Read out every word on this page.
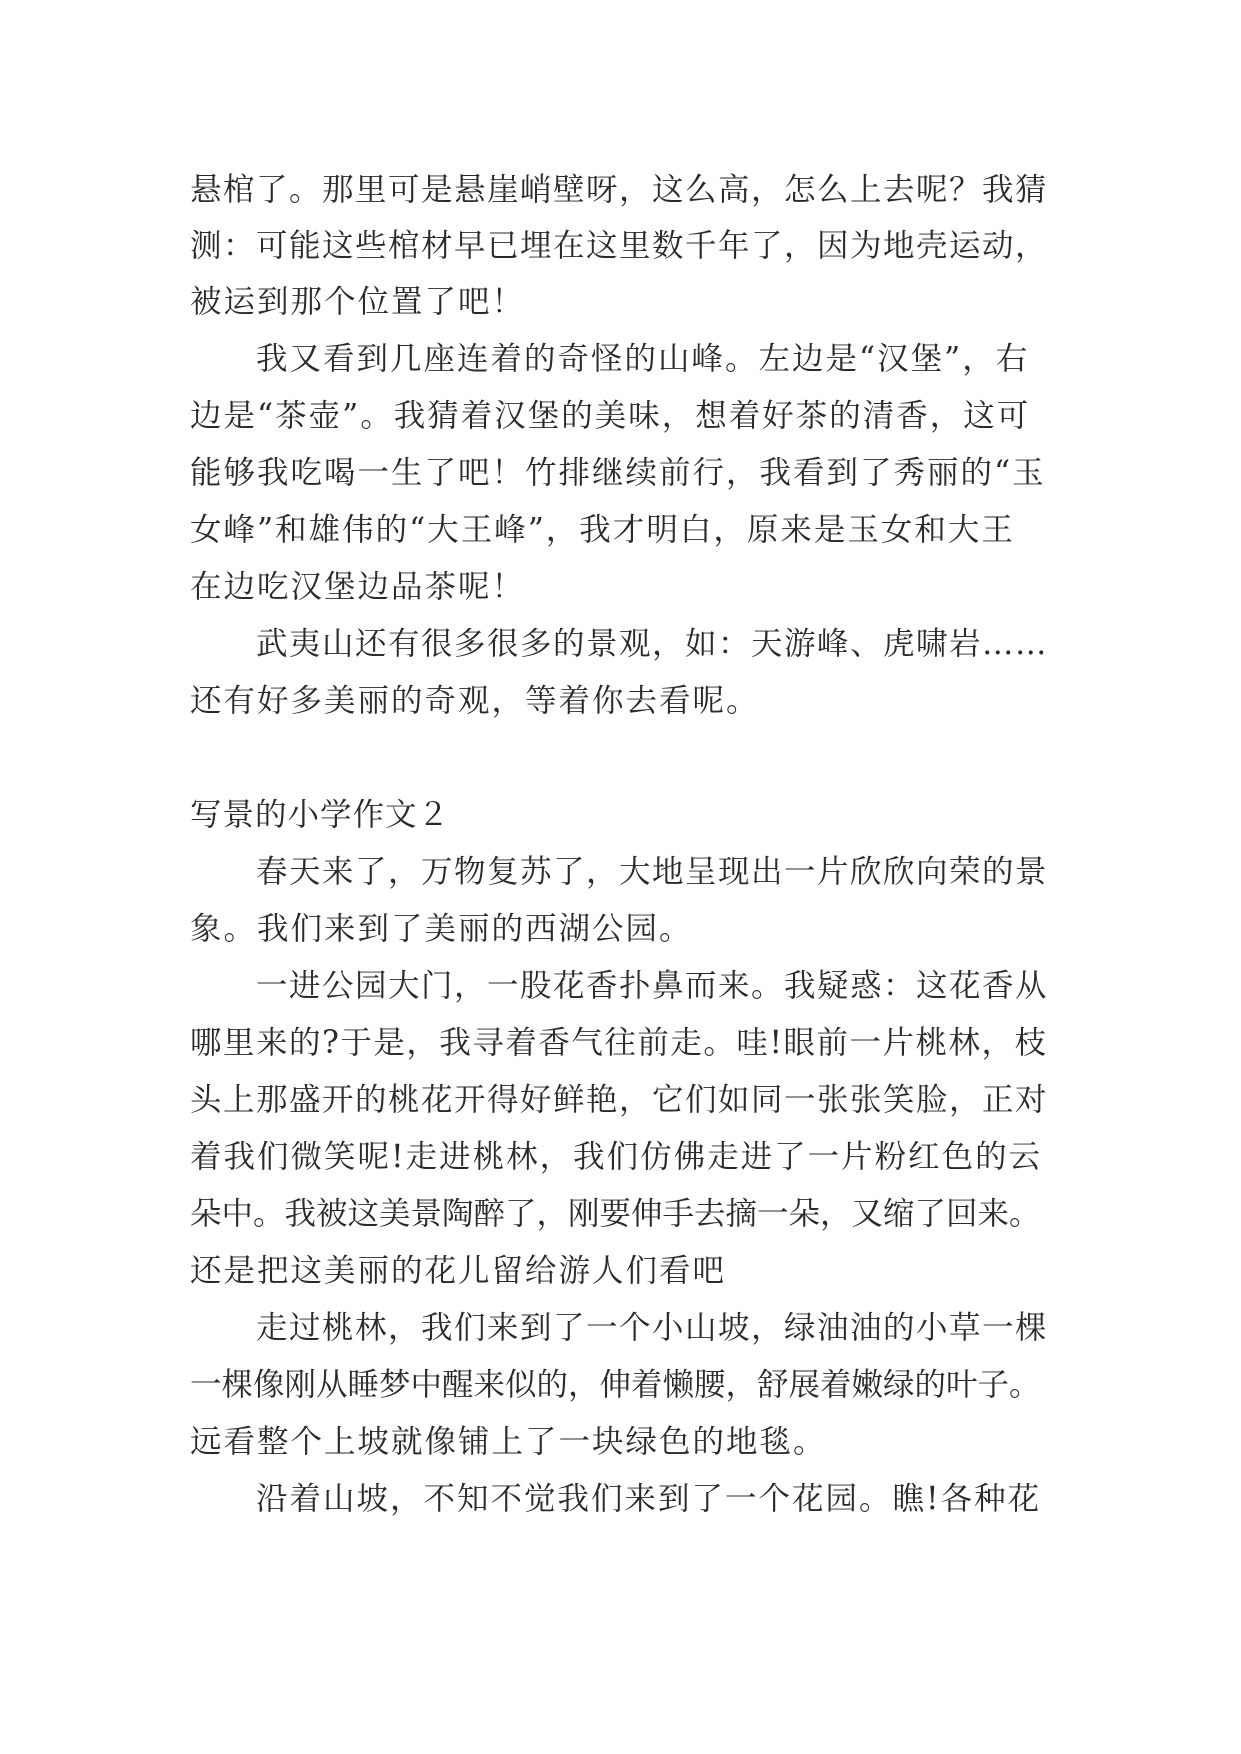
悬棺了。那里可是悬崖峭壁呀，这么高，怎么上去呢？我猜
测：可能这些棺材早已埋在这里数千年了，因为地壳运动，
被运到那个位置了吧！
我又看到几座连着的奇怪的山峰。左边是“汉堡”，右
边是“茶壶”。我猜着汉堡的美味，想着好茶的清香，这可
能够我吃喝一生了吧！竹排继续前行，我看到了秀丽的“玉
女峰”和雄伟的“大王峰”，我才明白，原来是玉女和大王
在边吃汉堡边品茶呢！
武夷山还有很多很多的景观，如：天游峰、虎啸岩……
还有好多美丽的奇观，等着你去看呢。
写景的小学作文２
春天来了，万物复苏了，大地呈现出一片欣欣向荣的景
象。我们来到了美丽的西湖公园。
一进公园大门，一股花香扑鼻而来。我疑惑：这花香从
哪里来的?于是，我寻着香气往前走。哇!眼前一片桃林，枝
头上那盛开的桃花开得好鲜艳，它们如同一张张笑脸，正对
着我们微笑呢!走进桃林，我们仿佛走进了一片粉红色的云
朵中。我被这美景陶醉了，刚要伸手去摘一朵，又缩了回来。
还是把这美丽的花儿留给游人们看吧
走过桃林，我们来到了一个小山坡，绿油油的小草一棵
一棵像刚从睡梦中醒来似的，伸着懒腰，舒展着嫩绿的叶子。
远看整个上坡就像铺上了一块绿色的地毯。
沿着山坡，不知不觉我们来到了一个花园。瞧!各种花
